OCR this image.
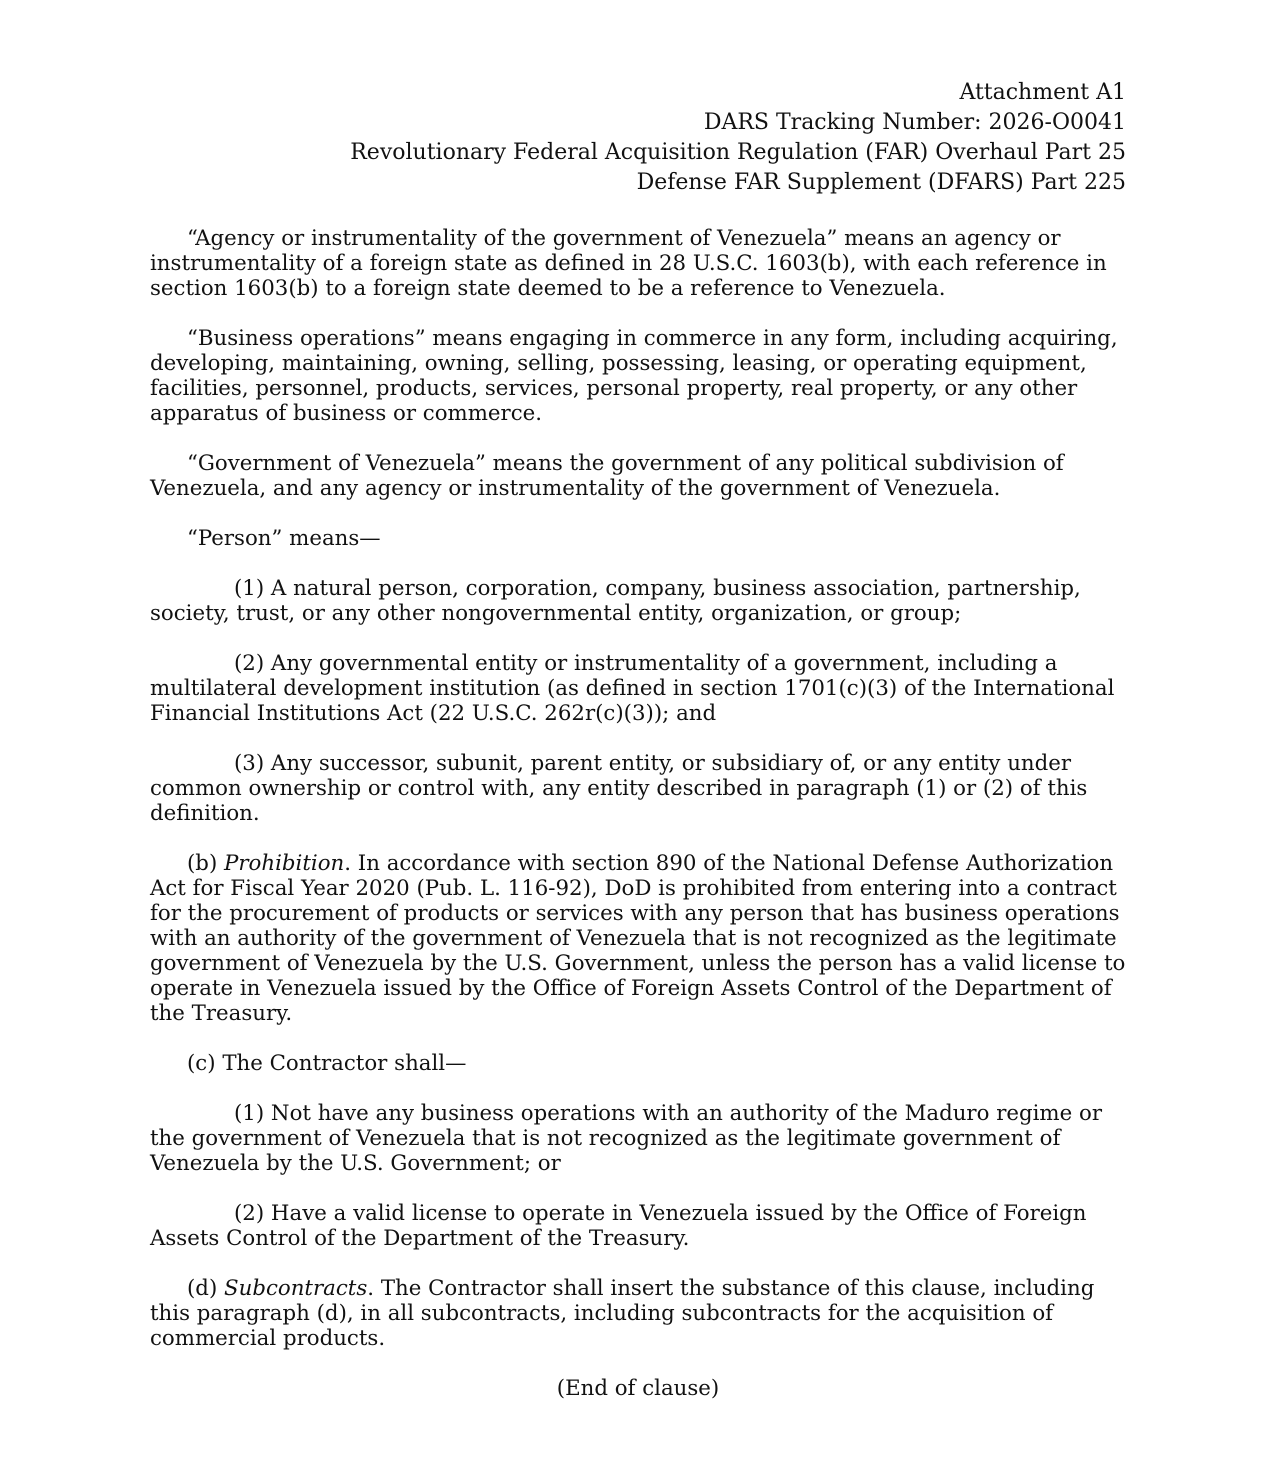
Attachment A1
DARS Tracking Number: 2026-O0041
Revolutionary Federal Acquisition Regulation (FAR) Overhaul Part 25
Defense FAR Supplement (DFARS) Part 225

“Agency or instrumentality of the government of Venezuela” means an agency or instrumentality of a foreign state as defined in 28 U.S.C. 1603(b), with each reference in section 1603(b) to a foreign state deemed to be a reference to Venezuela.

“Business operations” means engaging in commerce in any form, including acquiring, developing, maintaining, owning, selling, possessing, leasing, or operating equipment, facilities, personnel, products, services, personal property, real property, or any other apparatus of business or commerce.

“Government of Venezuela” means the government of any political subdivision of Venezuela, and any agency or instrumentality of the government of Venezuela.

“Person” means—

(1) A natural person, corporation, company, business association, partnership, society, trust, or any other nongovernmental entity, organization, or group;

(2) Any governmental entity or instrumentality of a government, including a multilateral development institution (as defined in section 1701(c)(3) of the International Financial Institutions Act (22 U.S.C. 262r(c)(3)); and

(3) Any successor, subunit, parent entity, or subsidiary of, or any entity under common ownership or control with, any entity described in paragraph (1) or (2) of this definition.

(b) Prohibition. In accordance with section 890 of the National Defense Authorization Act for Fiscal Year 2020 (Pub. L. 116-92), DoD is prohibited from entering into a contract for the procurement of products or services with any person that has business operations with an authority of the government of Venezuela that is not recognized as the legitimate government of Venezuela by the U.S. Government, unless the person has a valid license to operate in Venezuela issued by the Office of Foreign Assets Control of the Department of the Treasury.

(c) The Contractor shall—

(1) Not have any business operations with an authority of the Maduro regime or the government of Venezuela that is not recognized as the legitimate government of Venezuela by the U.S. Government; or

(2) Have a valid license to operate in Venezuela issued by the Office of Foreign Assets Control of the Department of the Treasury.

(d) Subcontracts. The Contractor shall insert the substance of this clause, including this paragraph (d), in all subcontracts, including subcontracts for the acquisition of commercial products.

(End of clause)
